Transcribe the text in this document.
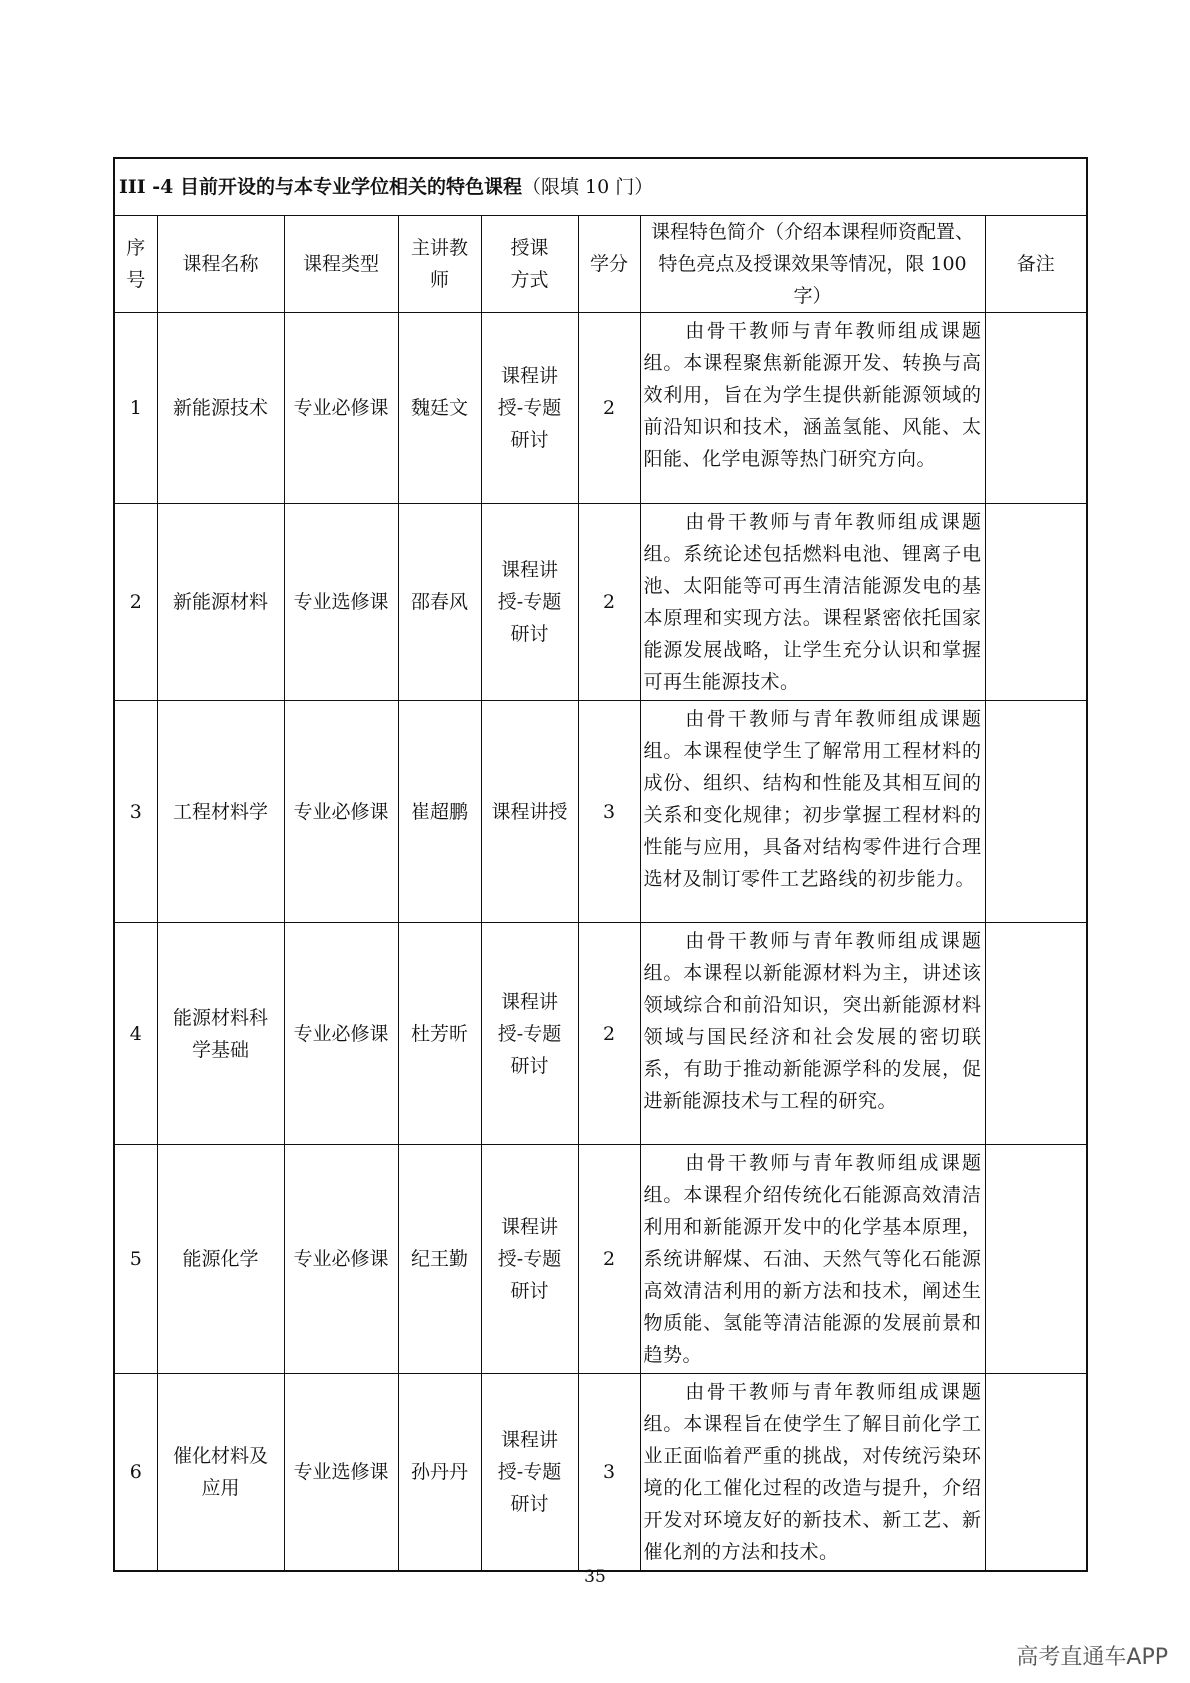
III -4 目前开设的与本专业学位相关的特色课程（限填 10 门）							

序号	课程名称	课程类型	主讲教师	授课方式	学分	课程特色简介（介绍本课程师资配置、特色亮点及授课效果等情况，限 100 字）	备注

1	新能源技术	专业必修课	魏廷文	课程讲授-专题研讨	2	由骨干教师与青年教师组成课题组。本课程聚焦新能源开发、转换与高效利用，旨在为学生提供新能源领域的前沿知识和技术，涵盖氢能、风能、太阳能、化学电源等热门研究方向。	
2	新能源材料	专业选修课	邵春风	课程讲授-专题研讨	2	由骨干教师与青年教师组成课题组。系统论述包括燃料电池、锂离子电池、太阳能等可再生清洁能源发电的基本原理和实现方法。课程紧密依托国家能源发展战略，让学生充分认识和掌握可再生能源技术。	
3	工程材料学	专业必修课	崔超鹏	课程讲授	3	由骨干教师与青年教师组成课题组。本课程使学生了解常用工程材料的成份、组织、结构和性能及其相互间的关系和变化规律；初步掌握工程材料的性能与应用，具备对结构零件进行合理选材及制订零件工艺路线的初步能力。	
4	能源材料科学基础	专业必修课	杜芳昕	课程讲授-专题研讨	2	由骨干教师与青年教师组成课题组。本课程以新能源材料为主，讲述该领域综合和前沿知识，突出新能源材料领域与国民经济和社会发展的密切联系，有助于推动新能源学科的发展，促进新能源技术与工程的研究。	
5	能源化学	专业必修课	纪王勤	课程讲授-专题研讨	2	由骨干教师与青年教师组成课题组。本课程介绍传统化石能源高效清洁利用和新能源开发中的化学基本原理，系统讲解煤、石油、天然气等化石能源高效清洁利用的新方法和技术，阐述生物质能、氢能等清洁能源的发展前景和趋势。	
6	催化材料及应用	专业选修课	孙丹丹	课程讲授-专题研讨	3	由骨干教师与青年教师组成课题组。本课程旨在使学生了解目前化学工业正面临着严重的挑战，对传统污染环境的化工催化过程的改造与提升，介绍开发对环境友好的新技术、新工艺、新催化剂的方法和技术。	
35
高考直通车APP
